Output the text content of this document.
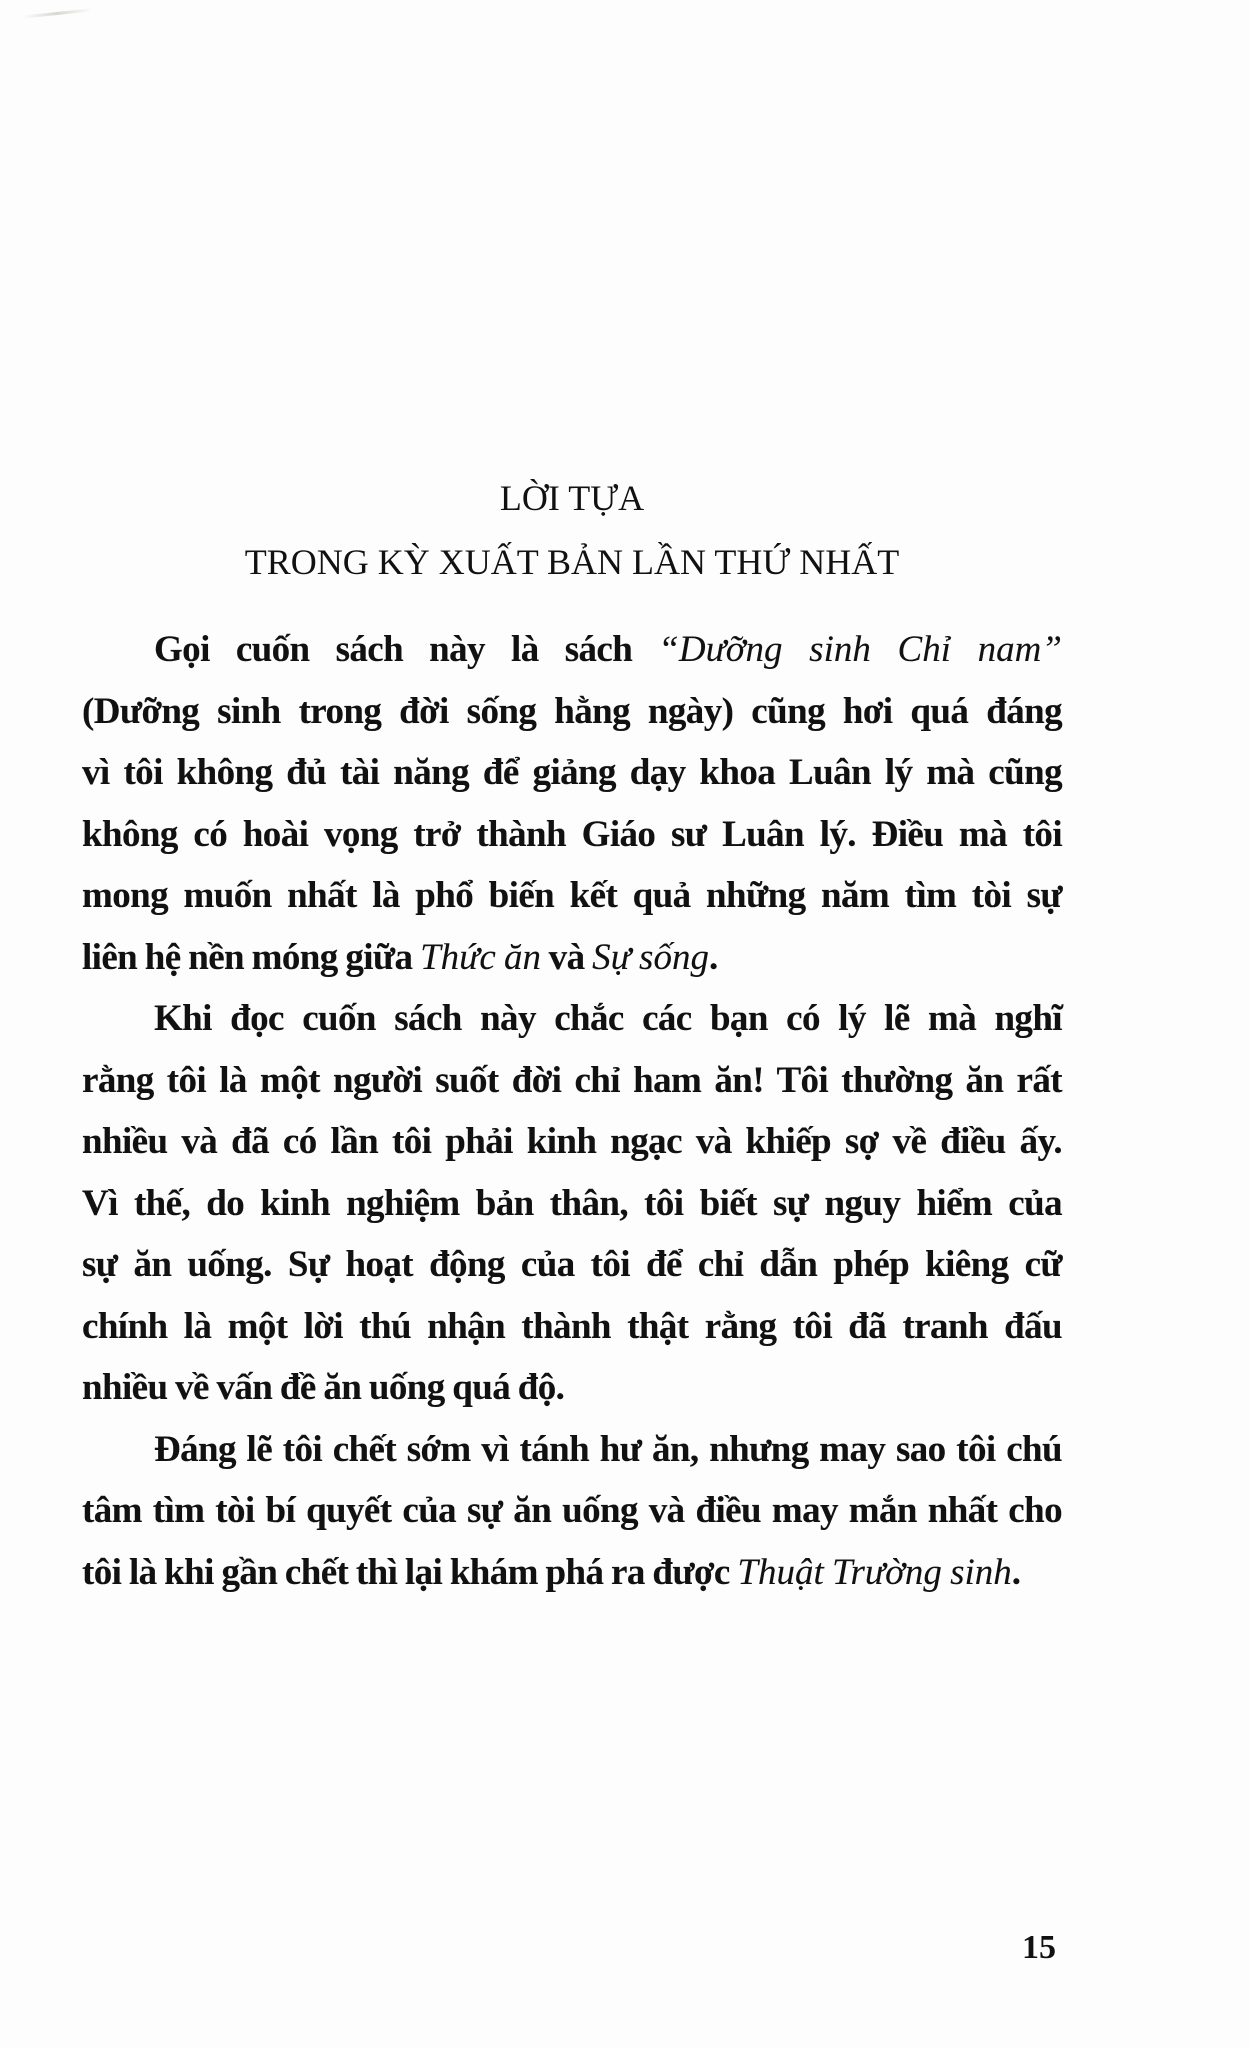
LỜI TỰA
TRONG KỲ XUẤT BẢN LẦN THỨ NHẤT
Gọi cuốn sách này là sách “Dưỡng sinh Chỉ nam”
(Dưỡng sinh trong đời sống hằng ngày) cũng hơi quá đáng
vì tôi không đủ tài năng để giảng dạy khoa Luân lý mà cũng
không có hoài vọng trở thành Giáo sư Luân lý. Điều mà tôi
mong muốn nhất là phổ biến kết quả những năm tìm tòi sự
liên hệ nền móng giữa Thức ăn và Sự sống.
Khi đọc cuốn sách này chắc các bạn có lý lẽ mà nghĩ
rằng tôi là một người suốt đời chỉ ham ăn! Tôi thường ăn rất
nhiều và đã có lần tôi phải kinh ngạc và khiếp sợ về điều ấy.
Vì thế, do kinh nghiệm bản thân, tôi biết sự nguy hiểm của
sự ăn uống. Sự hoạt động của tôi để chỉ dẫn phép kiêng cữ
chính là một lời thú nhận thành thật rằng tôi đã tranh đấu
nhiều về vấn đề ăn uống quá độ.
Đáng lẽ tôi chết sớm vì tánh hư ăn, nhưng may sao tôi chú
tâm tìm tòi bí quyết của sự ăn uống và điều may mắn nhất cho
tôi là khi gần chết thì lại khám phá ra được Thuật Trường sinh.
15
